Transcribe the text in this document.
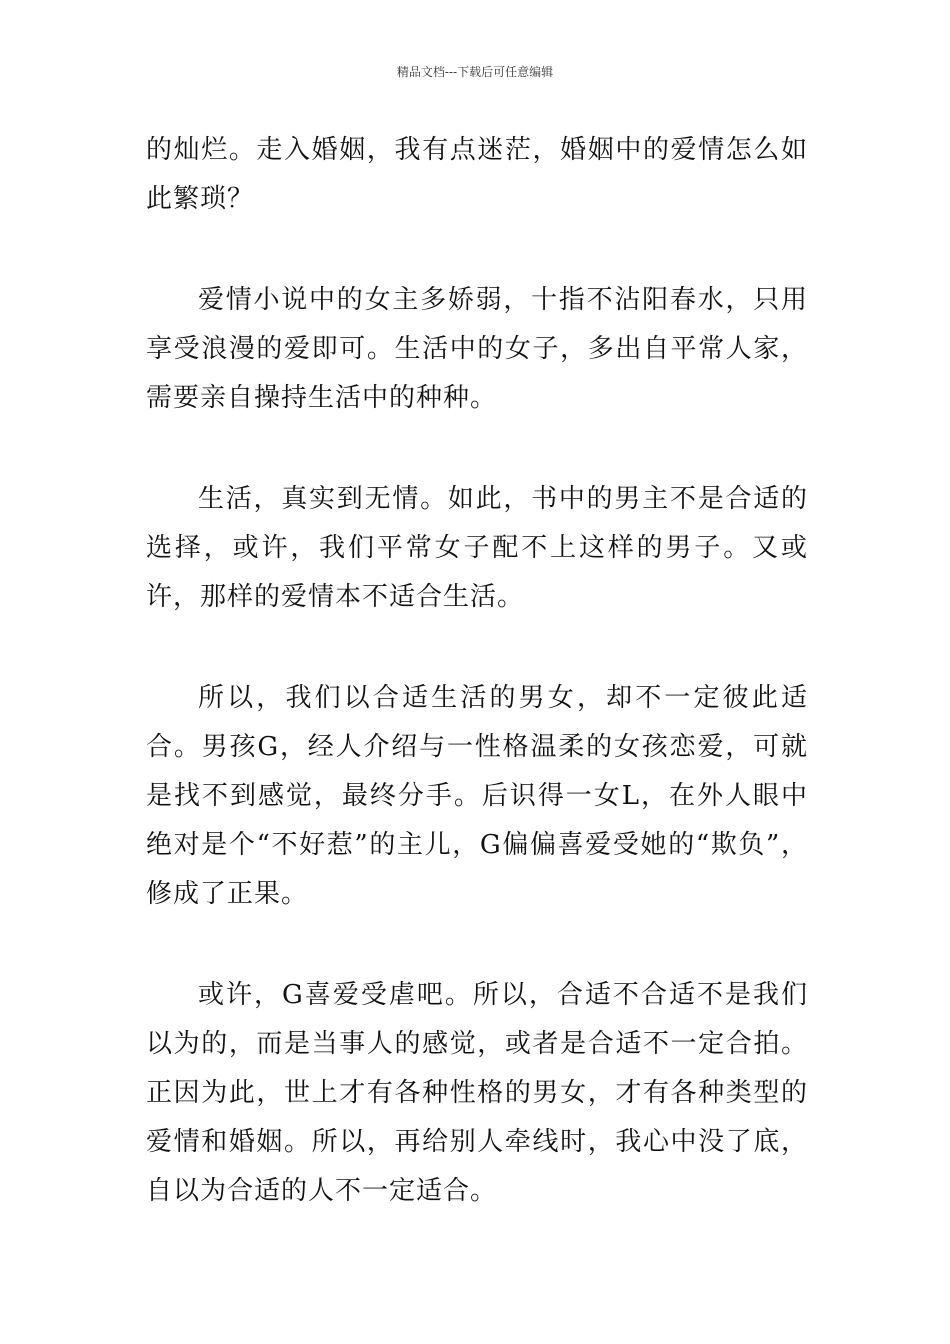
精品文档---下载后可任意编辑

的灿烂。走入婚姻，我有点迷茫，婚姻中的爱情怎么如此繁琐？

爱情小说中的女主多娇弱，十指不沾阳春水，只用享受浪漫的爱即可。生活中的女子，多出自平常人家，需要亲自操持生活中的种种。

生活，真实到无情。如此，书中的男主不是合适的选择，或许，我们平常女子配不上这样的男子。又或许，那样的爱情本不适合生活。

所以，我们以合适生活的男女，却不一定彼此适合。男孩G，经人介绍与一性格温柔的女孩恋爱，可就是找不到感觉，最终分手。后识得一女L，在外人眼中绝对是个“不好惹”的主儿，G偏偏喜爱受她的“欺负”，修成了正果。

或许，G喜爱受虐吧。所以，合适不合适不是我们以为的，而是当事人的感觉，或者是合适不一定合拍。正因为此，世上才有各种性格的男女，才有各种类型的爱情和婚姻。所以，再给别人牵线时，我心中没了底，自以为合适的人不一定适合。
